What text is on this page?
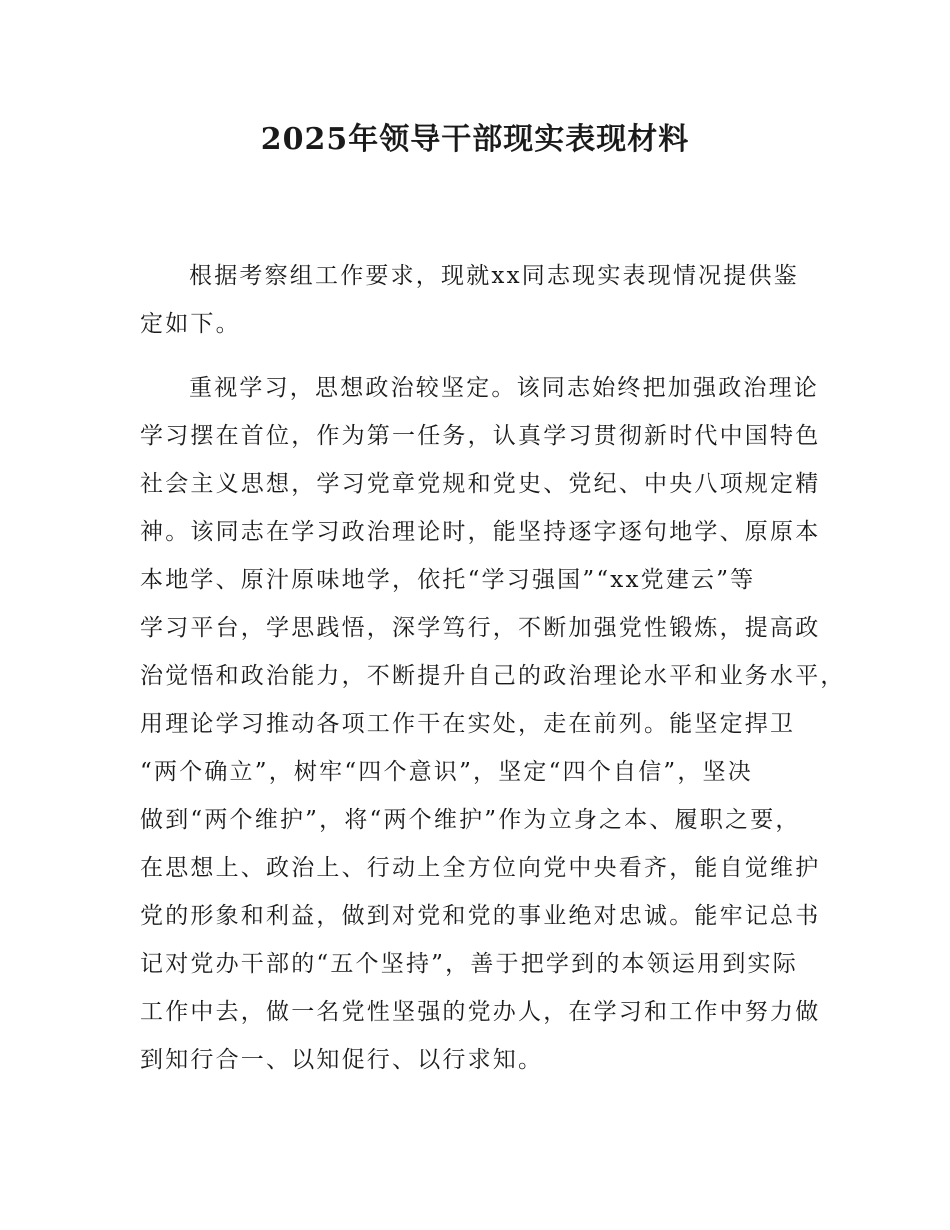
2025年领导干部现实表现材料
根据考察组工作要求，现就xx同志现实表现情况提供鉴
定如下。
重视学习，思想政治较坚定。该同志始终把加强政治理论
学习摆在首位，作为第一任务，认真学习贯彻新时代中国特色
社会主义思想，学习党章党规和党史、党纪、中央八项规定精
神。该同志在学习政治理论时，能坚持逐字逐句地学、原原本
本地学、原汁原味地学，依托“学习强国”“xx党建云”等
学习平台，学思践悟，深学笃行，不断加强党性锻炼，提高政
治觉悟和政治能力，不断提升自己的政治理论水平和业务水平，
用理论学习推动各项工作干在实处，走在前列。能坚定捍卫
“两个确立”，树牢“四个意识”，坚定“四个自信”，坚决
做到“两个维护”，将“两个维护”作为立身之本、履职之要，
在思想上、政治上、行动上全方位向党中央看齐，能自觉维护
党的形象和利益，做到对党和党的事业绝对忠诚。能牢记总书
记对党办干部的“五个坚持”，善于把学到的本领运用到实际
工作中去，做一名党性坚强的党办人，在学习和工作中努力做
到知行合一、以知促行、以行求知。
